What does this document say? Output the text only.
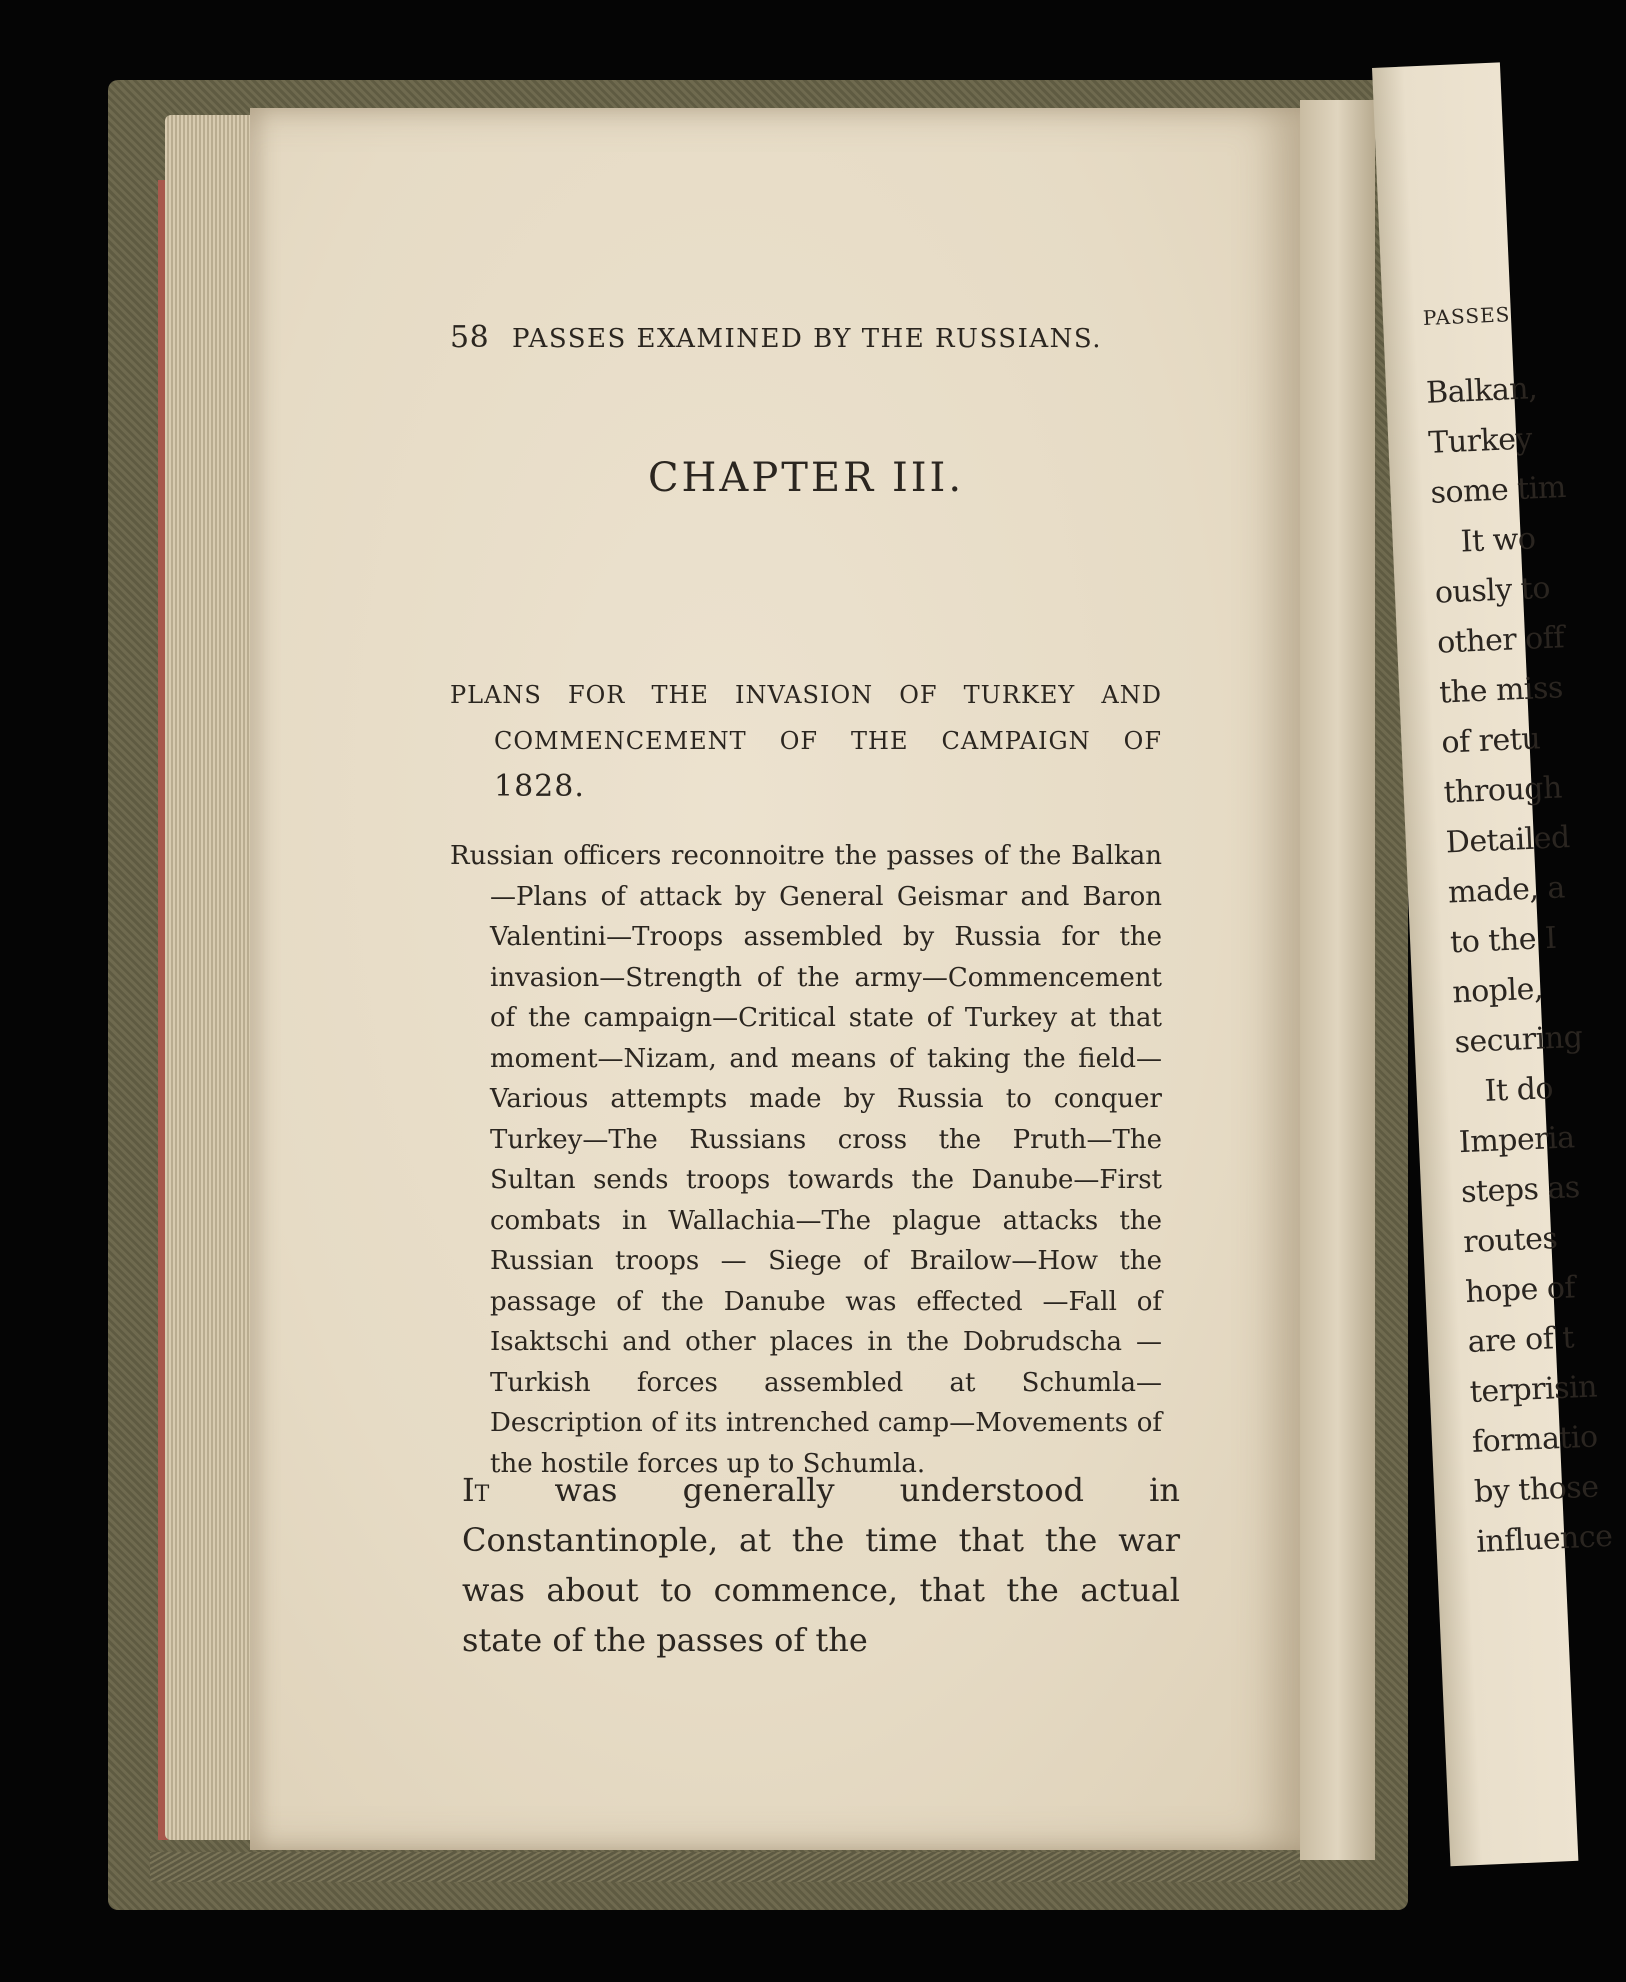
PASSES
Balkan,
Turkey
some tim
It wo
ously to
other off
the miss
of retu
through
Detailed
made, a
to the I
nople,
securing
It do
Imperia
steps as
routes
hope of
are of t
terprisin
formatio
by those
influence
58 PASSES EXAMINED BY THE RUSSIANS.
CHAPTER III.
PLANS FOR THE INVASION OF TURKEY AND
COMMENCEMENT OF THE CAMPAIGN OF
1828.
Russian officers reconnoitre the passes of the Balkan—Plans of attack by General Geismar and Baron Valentini—Troops assembled by Russia for the invasion—Strength of the army—Commencement of the campaign—Critical state of Turkey at that moment—Nizam, and means of taking the field—Various attempts made by Russia to conquer Turkey—The Russians cross the Pruth—The Sultan sends troops towards the Danube—First combats in Wallachia—The plague attacks the Russian troops — Siege of Brailow—How the passage of the Danube was effected —Fall of Isaktschi and other places in the Dobrudscha —Turkish forces assembled at Schumla—Description of its intrenched camp—Movements of the hostile forces up to Schumla.
It was generally understood in Constantinople, at the time that the war was about to commence, that the actual state of the passes of the
